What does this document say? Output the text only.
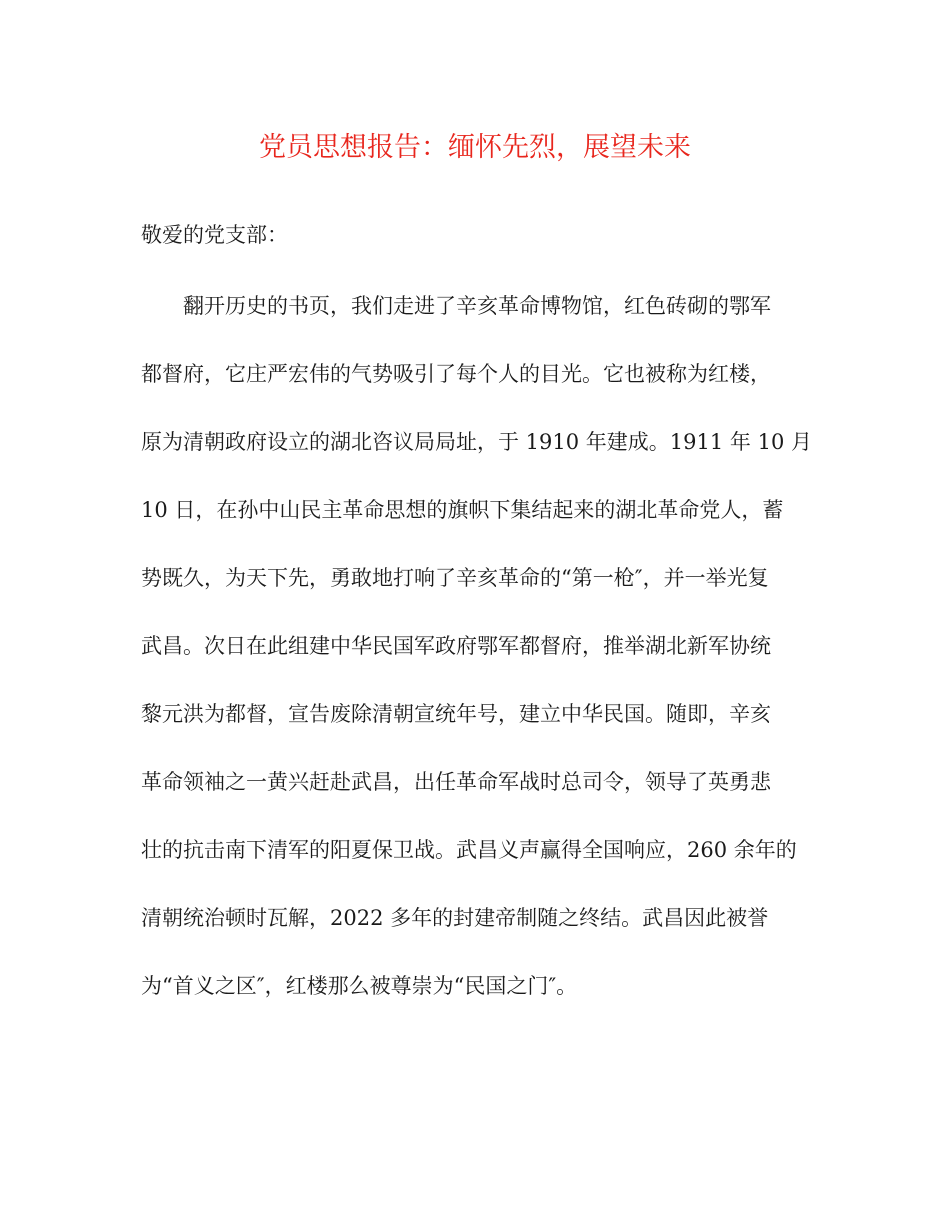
党员思想报告：缅怀先烈，展望未来

敬爱的党支部：

翻开历史的书页，我们走进了辛亥革命博物馆，红色砖砌的鄂军
都督府，它庄严宏伟的气势吸引了每个人的目光。它也被称为红楼，
原为清朝政府设立的湖北咨议局局址，于 1910 年建成。1911 年 10 月
10 日，在孙中山民主革命思想的旗帜下集结起来的湖北革命党人，蓄
势既久，为天下先，勇敢地打响了辛亥革命的“第一枪″，并一举光复
武昌。次日在此组建中华民国军政府鄂军都督府，推举湖北新军协统
黎元洪为都督，宣告废除清朝宣统年号，建立中华民国。随即，辛亥
革命领袖之一黄兴赶赴武昌，出任革命军战时总司令，领导了英勇悲
壮的抗击南下清军的阳夏保卫战。武昌义声赢得全国响应，260 余年的
清朝统治顿时瓦解，2022 多年的封建帝制随之终结。武昌因此被誉
为“首义之区″，红楼那么被尊崇为“民国之门″。
